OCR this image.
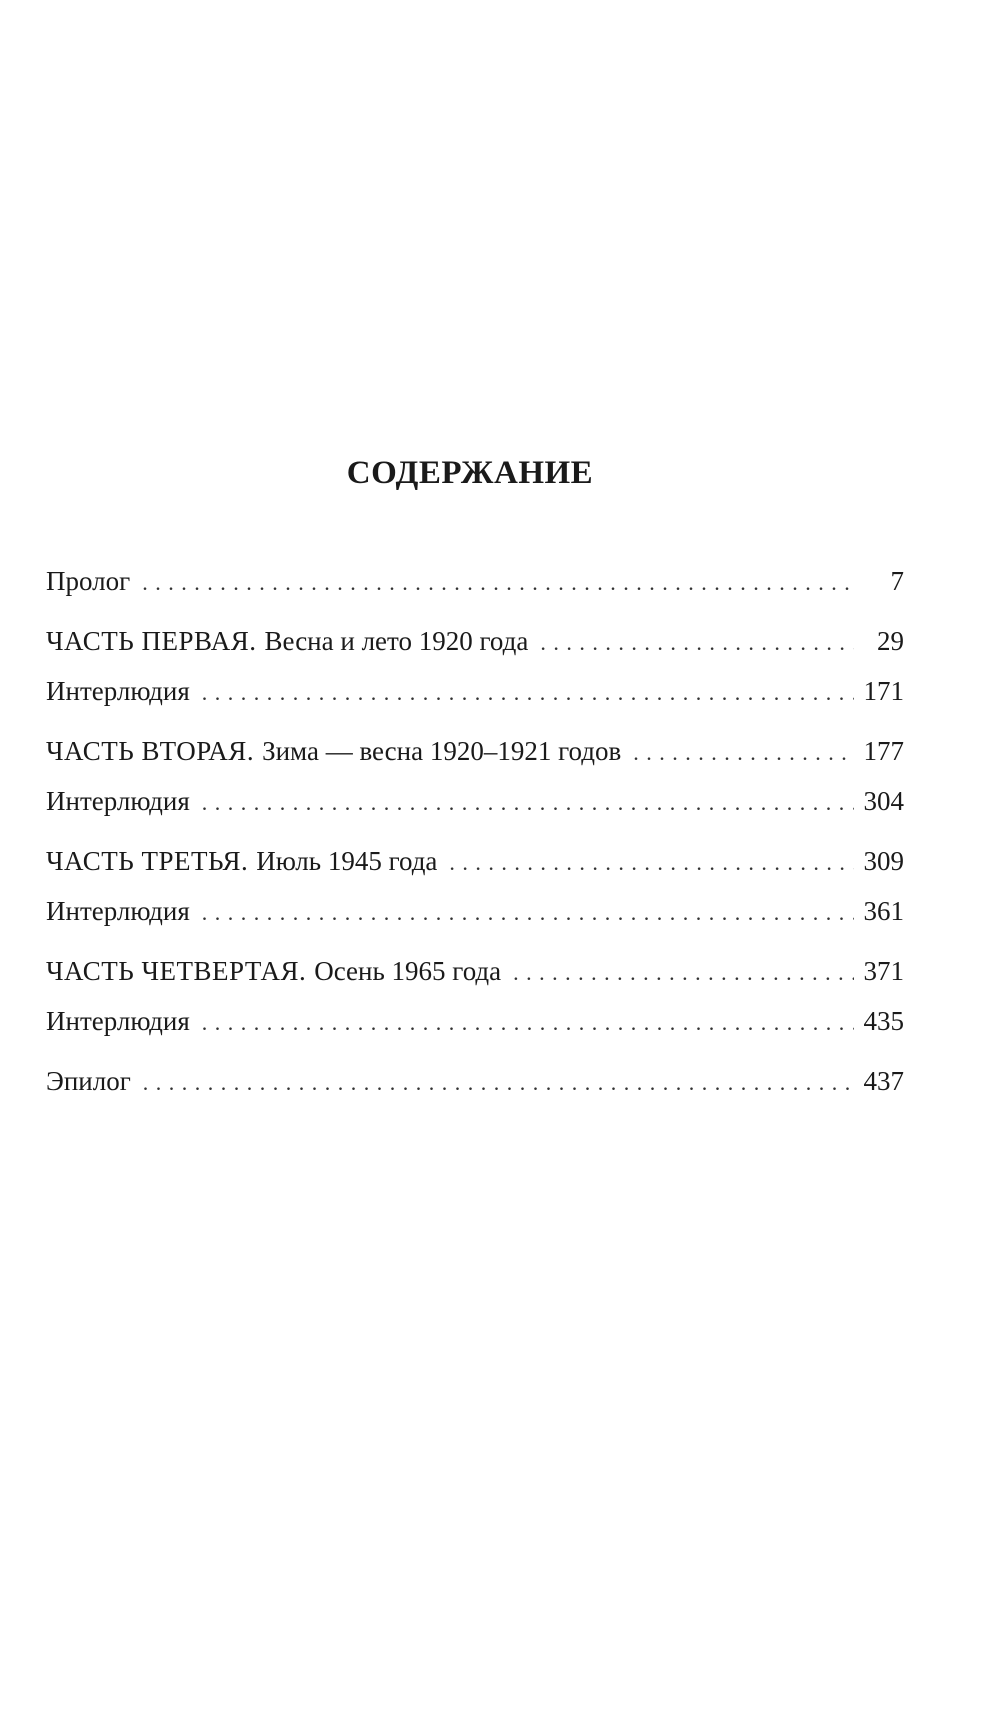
СОДЕРЖАНИЕ
Пролог . . .	7
ЧАСТЬ ПЕРВАЯ. Весна и лето 1920 года . . .	29
Интерлюдия . . .	171
ЧАСТЬ ВТОРАЯ. Зима — весна 1920–1921 годов . . .	177
Интерлюдия . . .	304
ЧАСТЬ ТРЕТЬЯ. Июль 1945 года . . .	309
Интерлюдия . . .	361
ЧАСТЬ ЧЕТВЕРТАЯ. Осень 1965 года . . .	371
Интерлюдия . . .	435
Эпилог . . .	437
